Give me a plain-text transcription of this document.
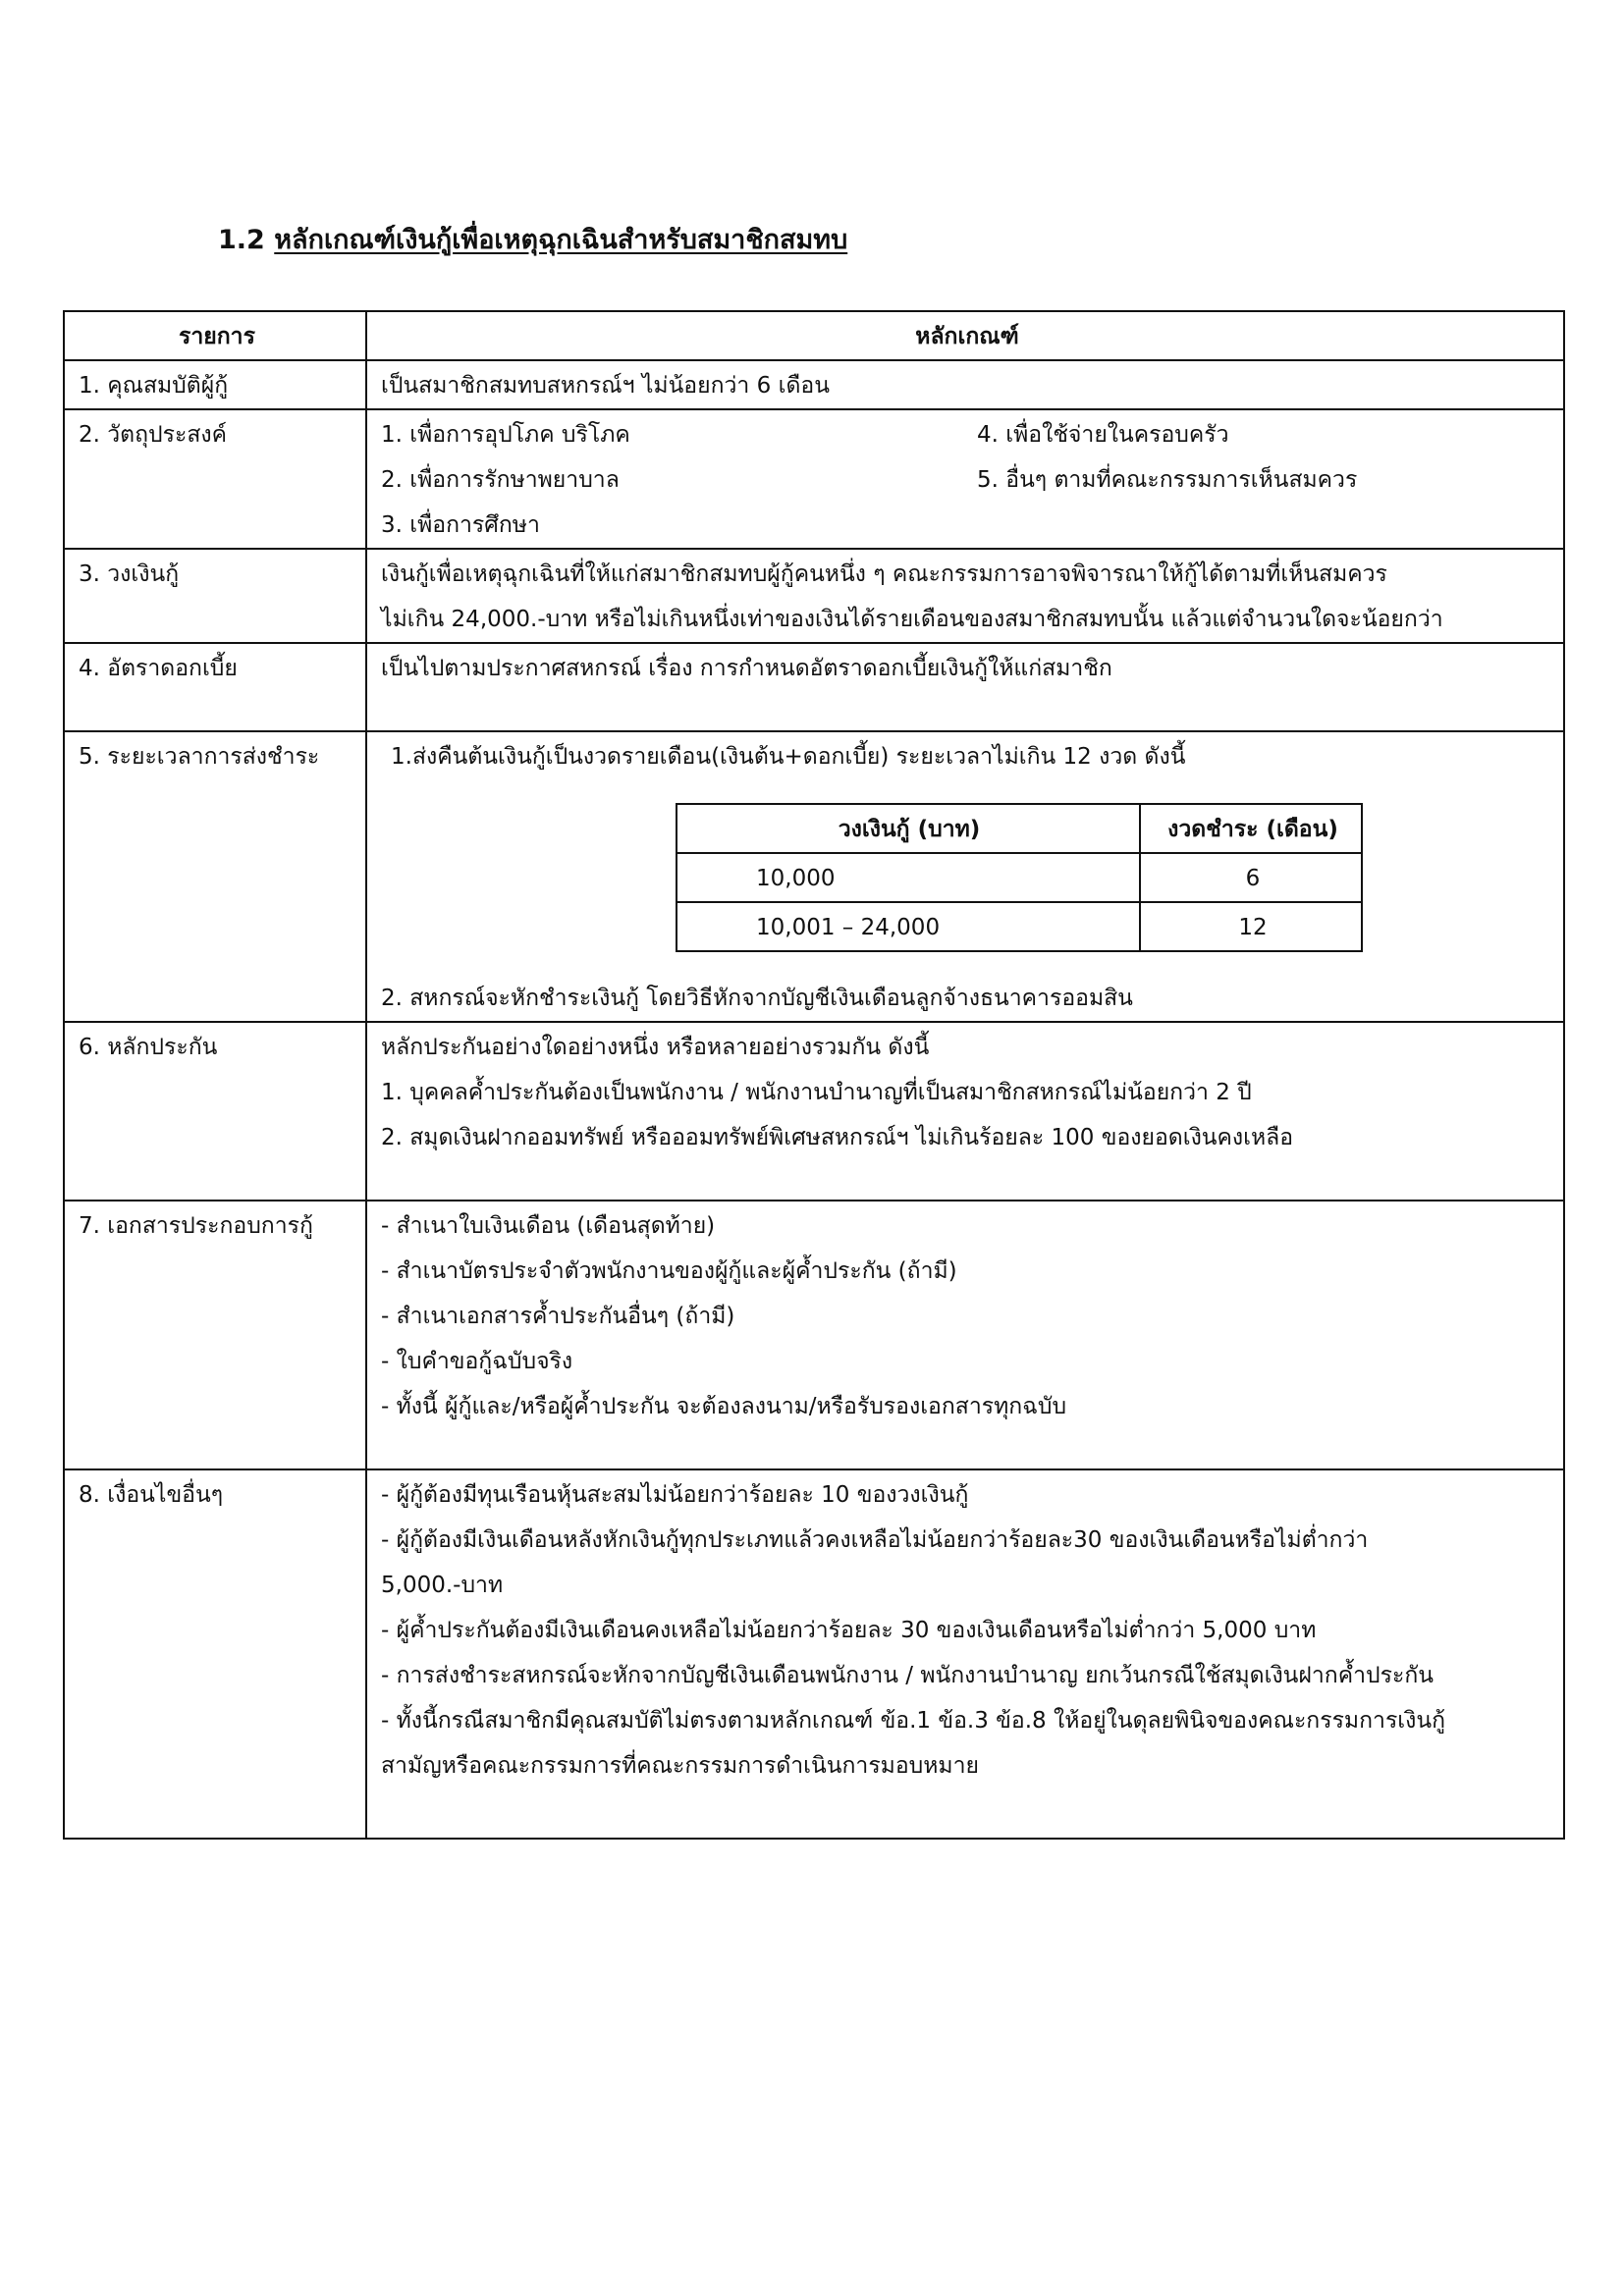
1.2 หลักเกณฑ์เงินกู้เพื่อเหตุฉุกเฉินสำหรับสมาชิกสมทบ
รายการ	หลักเกณฑ์
1. คุณสมบัติผู้กู้	เป็นสมาชิกสมทบสหกรณ์ฯ ไม่น้อยกว่า 6 เดือน
2. วัตถุประสงค์	1. เพื่อการอุปโภค บริโภค
2. เพื่อการรักษาพยาบาล
3. เพื่อการศึกษา
4. เพื่อใช้จ่ายในครอบครัว
5. อื่นๆ ตามที่คณะกรรมการเห็นสมควร

3. วงเงินกู้	เงินกู้เพื่อเหตุฉุกเฉินที่ให้แก่สมาชิกสมทบผู้กู้คนหนึ่ง ๆ คณะกรรมการอาจพิจารณาให้กู้ได้ตามที่เห็นสมควร
ไม่เกิน 24,000.-บาท หรือไม่เกินหนึ่งเท่าของเงินได้รายเดือนของสมาชิกสมทบนั้น แล้วแต่จำนวนใดจะน้อยกว่า

4. อัตราดอกเบี้ย	เป็นไปตามประกาศสหกรณ์ เรื่อง การกำหนดอัตราดอกเบี้ยเงินกู้ให้แก่สมาชิก
5. ระยะเวลาการส่งชำระ	1.ส่งคืนต้นเงินกู้เป็นงวดรายเดือน(เงินต้น+ดอกเบี้ย) ระยะเวลาไม่เกิน 12 งวด ดังนี้
วงเงินกู้ (บาท)	งวดชำระ (เดือน)
10,000	6
10,001 – 24,000	12
2. สหกรณ์จะหักชำระเงินกู้ โดยวิธีหักจากบัญชีเงินเดือนลูกจ้างธนาคารออมสิน

6. หลักประกัน	หลักประกันอย่างใดอย่างหนึ่ง หรือหลายอย่างรวมกัน ดังนี้
1. บุคคลค้ำประกันต้องเป็นพนักงาน / พนักงานบำนาญที่เป็นสมาชิกสหกรณ์ไม่น้อยกว่า 2 ปี
2. สมุดเงินฝากออมทรัพย์ หรือออมทรัพย์พิเศษสหกรณ์ฯ ไม่เกินร้อยละ 100 ของยอดเงินคงเหลือ

7. เอกสารประกอบการกู้	- สำเนาใบเงินเดือน (เดือนสุดท้าย)
- สำเนาบัตรประจำตัวพนักงานของผู้กู้และผู้ค้ำประกัน (ถ้ามี)
- สำเนาเอกสารค้ำประกันอื่นๆ (ถ้ามี)
- ใบคำขอกู้ฉบับจริง
- ทั้งนี้ ผู้กู้และ/หรือผู้ค้ำประกัน จะต้องลงนาม/หรือรับรองเอกสารทุกฉบับ

8. เงื่อนไขอื่นๆ	- ผู้กู้ต้องมีทุนเรือนหุ้นสะสมไม่น้อยกว่าร้อยละ 10 ของวงเงินกู้
- ผู้กู้ต้องมีเงินเดือนหลังหักเงินกู้ทุกประเภทแล้วคงเหลือไม่น้อยกว่าร้อยละ30 ของเงินเดือนหรือไม่ต่ำกว่า
5,000.-บาท
- ผู้ค้ำประกันต้องมีเงินเดือนคงเหลือไม่น้อยกว่าร้อยละ 30 ของเงินเดือนหรือไม่ต่ำกว่า 5,000 บาท
- การส่งชำระสหกรณ์จะหักจากบัญชีเงินเดือนพนักงาน / พนักงานบำนาญ ยกเว้นกรณีใช้สมุดเงินฝากค้ำประกัน
- ทั้งนี้กรณีสมาชิกมีคุณสมบัติไม่ตรงตามหลักเกณฑ์ ข้อ.1 ข้อ.3 ข้อ.8 ให้อยู่ในดุลยพินิจของคณะกรรมการเงินกู้
สามัญหรือคณะกรรมการที่คณะกรรมการดำเนินการมอบหมาย
